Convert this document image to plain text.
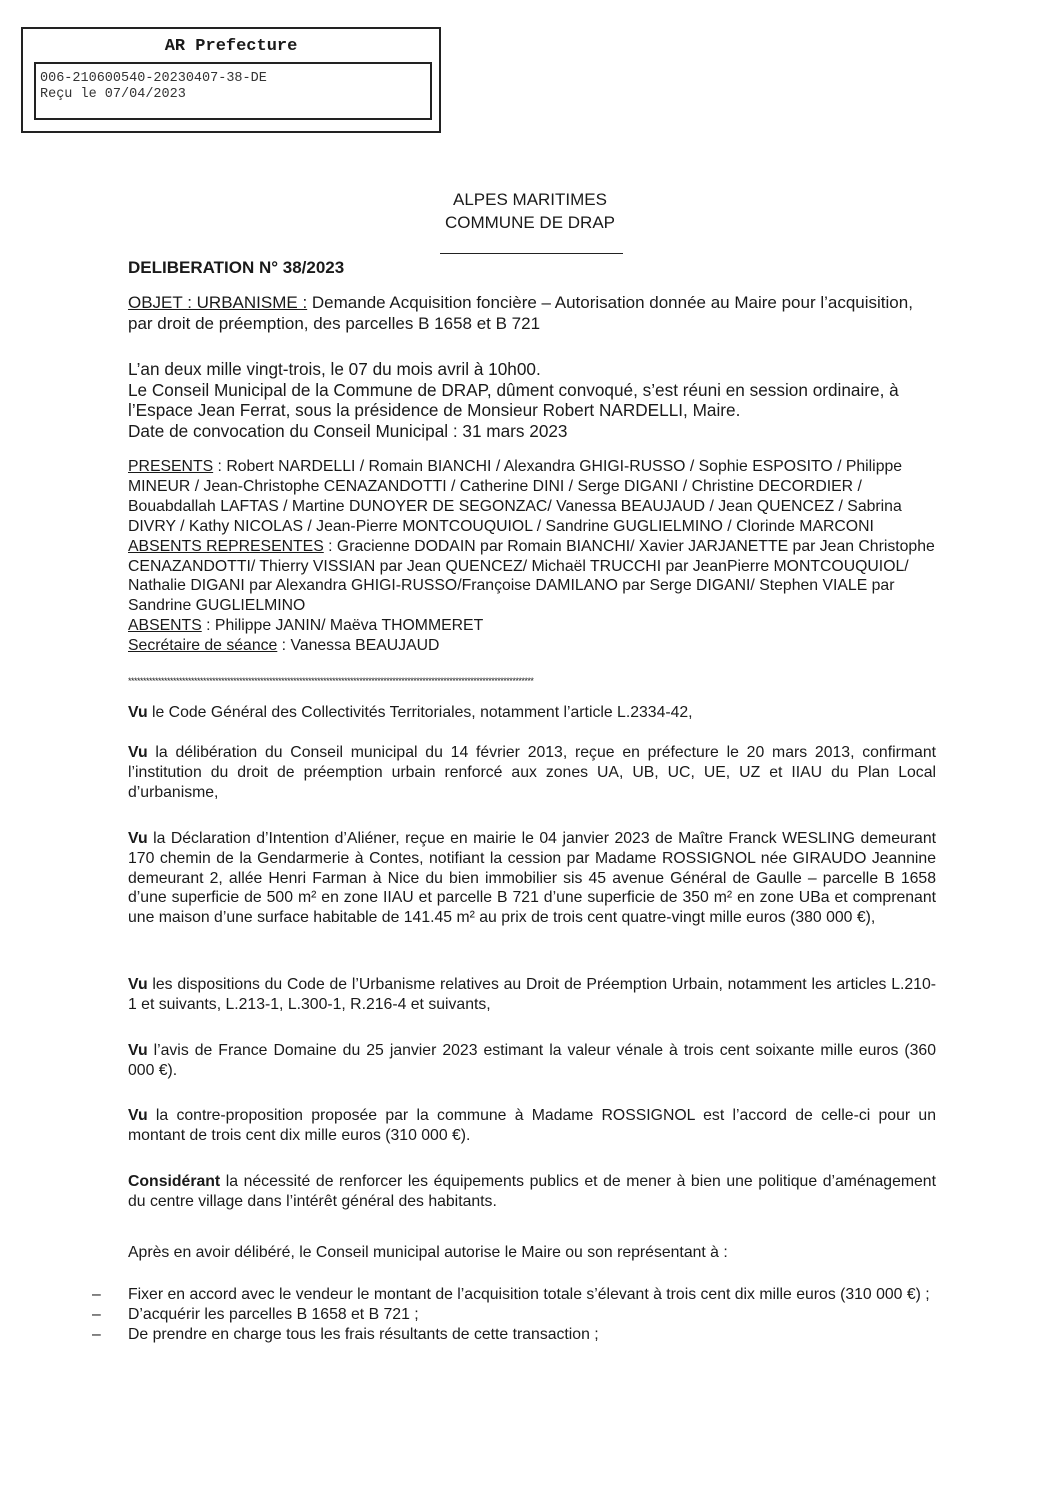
AR Prefecture
006-210600540-20230407-38-DE
Reçu le 07/04/2023
ALPES MARITIMES
COMMUNE DE DRAP
DELIBERATION N° 38/2023
OBJET : URBANISME : Demande Acquisition foncière – Autorisation donnée au Maire pour l’acquisition, par droit de préemption, des parcelles B 1658 et B 721
L’an deux mille vingt-trois, le 07 du mois avril à 10h00.
Le Conseil Municipal de la Commune de DRAP, dûment convoqué, s’est réuni en session ordinaire, à l’Espace Jean Ferrat, sous la présidence de Monsieur Robert NARDELLI, Maire.
Date de convocation du Conseil Municipal : 31 mars 2023
PRESENTS : Robert NARDELLI / Romain BIANCHI / Alexandra GHIGI-RUSSO / Sophie ESPOSITO / Philippe MINEUR / Jean-Christophe CENAZANDOTTI / Catherine DINI / Serge DIGANI / Christine DECORDIER / Bouabdallah LAFTAS / Martine DUNOYER DE SEGONZAC/ Vanessa BEAUJAUD / Jean QUENCEZ / Sabrina DIVRY / Kathy NICOLAS / Jean-Pierre MONTCOUQUIOL / Sandrine GUGLIELMINO / Clorinde MARCONI
ABSENTS REPRESENTES : Gracienne DODAIN par Romain BIANCHI/ Xavier JARJANETTE par Jean Christophe CENAZANDOTTI/ Thierry VISSIAN par Jean QUENCEZ/ Michaël TRUCCHI par JeanPierre MONTCOUQUIOL/ Nathalie DIGANI par Alexandra GHIGI-RUSSO/Françoise DAMILANO par Serge DIGANI/ Stephen VIALE par Sandrine GUGLIELMINO
ABSENTS : Philippe JANIN/ Maëva THOMMERET
Secrétaire de séance : Vanessa BEAUJAUD
***************************************************************************************************************************************
Vu le Code Général des Collectivités Territoriales, notamment l’article L.2334-42,
Vu la délibération du Conseil municipal du 14 février 2013, reçue en préfecture le 20 mars 2013, confirmant l’institution du droit de préemption urbain renforcé aux zones UA, UB, UC, UE, UZ et IIAU du Plan Local d’urbanisme,
Vu la Déclaration d’Intention d’Aliéner, reçue en mairie le 04 janvier 2023 de Maître Franck WESLING demeurant 170 chemin de la Gendarmerie à Contes, notifiant la cession par Madame ROSSIGNOL née GIRAUDO Jeannine demeurant 2, allée Henri Farman à Nice du bien immobilier sis 45 avenue Général de Gaulle – parcelle B 1658 d’une superficie de 500 m² en zone IIAU et parcelle B 721 d’une superficie de 350 m² en zone UBa et comprenant une maison d’une surface habitable de 141.45 m² au prix de trois cent quatre-vingt mille euros (380 000 €),
Vu les dispositions du Code de l’Urbanisme relatives au Droit de Préemption Urbain, notamment les articles L.210-1 et suivants, L.213-1, L.300-1, R.216-4 et suivants,
Vu l’avis de France Domaine du 25 janvier 2023 estimant la valeur vénale à trois cent soixante mille euros (360 000 €).
Vu la contre-proposition proposée par la commune à Madame ROSSIGNOL est l’accord de celle-ci pour un montant de trois cent dix mille euros (310 000 €).
Considérant la nécessité de renforcer les équipements publics et de mener à bien une politique d’aménagement du centre village dans l’intérêt général des habitants.
Après en avoir délibéré, le Conseil municipal autorise le Maire ou son représentant à :
– Fixer en accord avec le vendeur le montant de l’acquisition totale s’élevant à trois cent dix mille euros (310 000 €) ;
– D’acquérir les parcelles B 1658 et B 721 ;
– De prendre en charge tous les frais résultants de cette transaction ;
